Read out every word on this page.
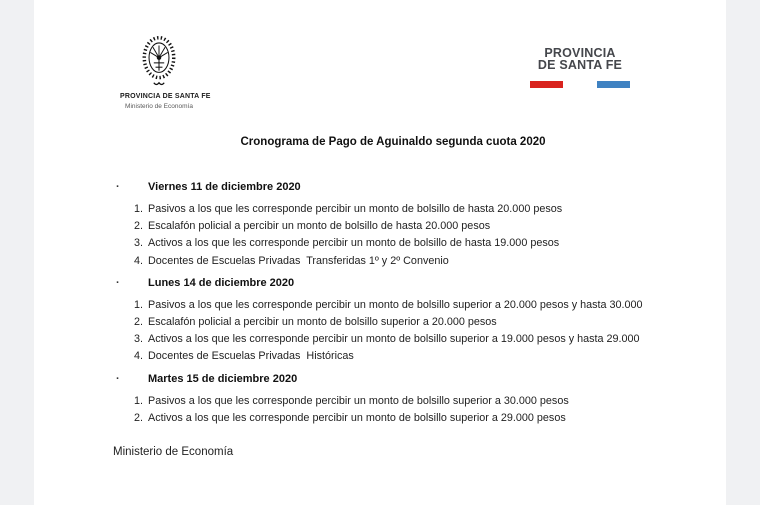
PROVINCIA DE SANTA FE
Ministerio de Economía
PROVINCIA
DE SANTA FE
Cronograma de Pago de Aguinaldo segunda cuota 2020
· Viernes 11 de diciembre 2020
Pasivos a los que les corresponde percibir un monto de bolsillo de hasta 20.000 pesos
Escalafón policial a percibir un monto de bolsillo de hasta 20.000 pesos
Activos a los que les corresponde percibir un monto de bolsillo de hasta 19.000 pesos
Docentes de Escuelas Privadas  Transferidas 1º y 2º Convenio
· Lunes 14 de diciembre 2020
Pasivos a los que les corresponde percibir un monto de bolsillo superior a 20.000 pesos y hasta 30.000
Escalafón policial a percibir un monto de bolsillo superior a 20.000 pesos
Activos a los que les corresponde percibir un monto de bolsillo superior a 19.000 pesos y hasta 29.000
Docentes de Escuelas Privadas  Históricas
· Martes 15 de diciembre 2020
Pasivos a los que les corresponde percibir un monto de bolsillo superior a 30.000 pesos
Activos a los que les corresponde percibir un monto de bolsillo superior a 29.000 pesos
Ministerio de Economía
